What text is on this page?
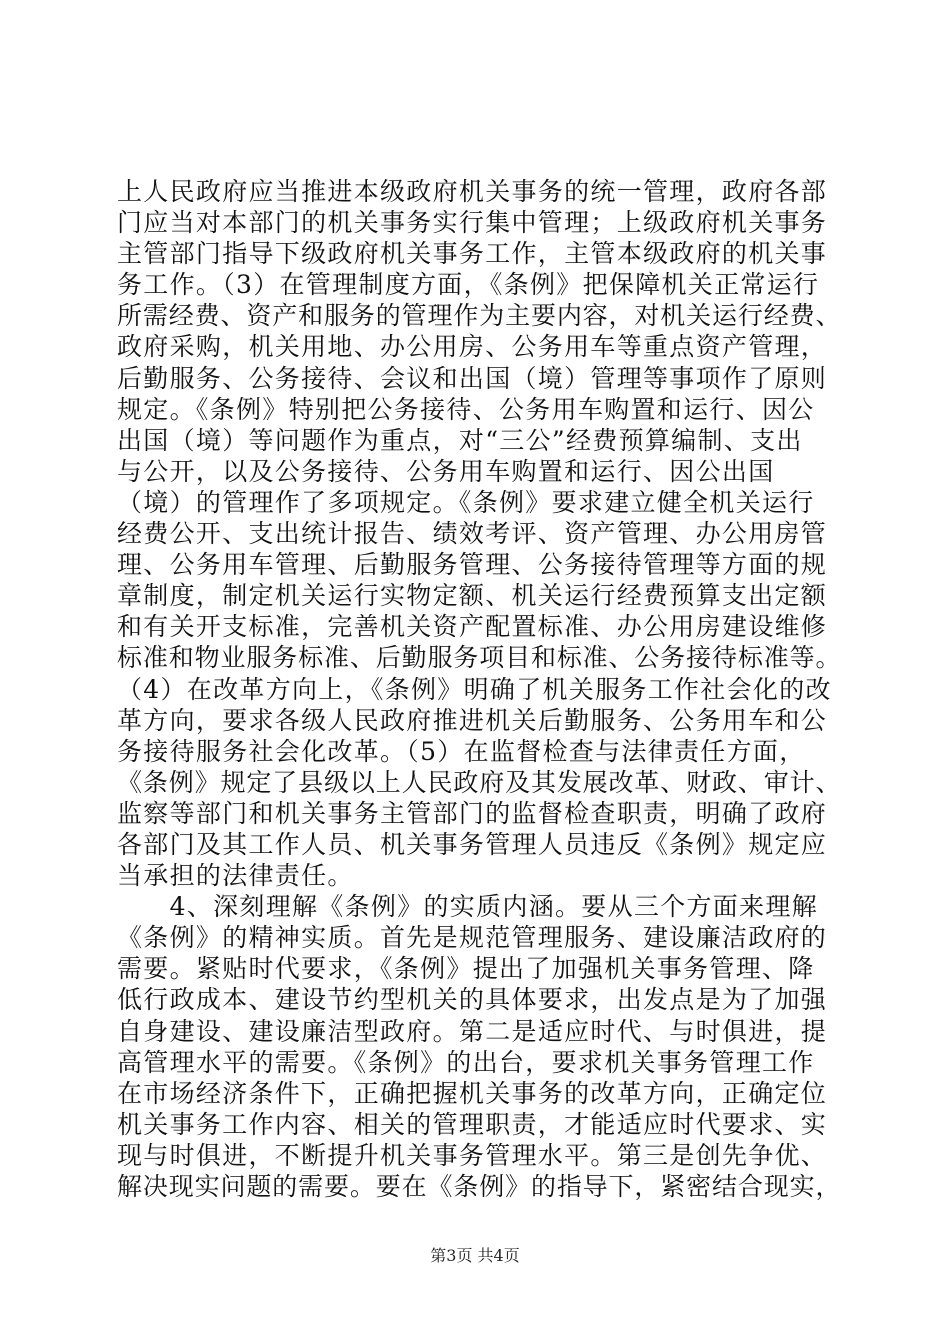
上人民政府应当推进本级政府机关事务的统一管理，政府各部
门应当对本部门的机关事务实行集中管理；上级政府机关事务
主管部门指导下级政府机关事务工作，主管本级政府的机关事
务工作。（3）在管理制度方面，《条例》把保障机关正常运行
所需经费、资产和服务的管理作为主要内容，对机关运行经费、
政府采购，机关用地、办公用房、公务用车等重点资产管理，
后勤服务、公务接待、会议和出国（境）管理等事项作了原则
规定。《条例》特别把公务接待、公务用车购置和运行、因公
出国（境）等问题作为重点，对“三公”经费预算编制、支出
与公开，以及公务接待、公务用车购置和运行、因公出国
（境）的管理作了多项规定。《条例》要求建立健全机关运行
经费公开、支出统计报告、绩效考评、资产管理、办公用房管
理、公务用车管理、后勤服务管理、公务接待管理等方面的规
章制度，制定机关运行实物定额、机关运行经费预算支出定额
和有关开支标准，完善机关资产配置标准、办公用房建设维修
标准和物业服务标准、后勤服务项目和标准、公务接待标准等。
（4）在改革方向上，《条例》明确了机关服务工作社会化的改
革方向，要求各级人民政府推进机关后勤服务、公务用车和公
务接待服务社会化改革。（5）在监督检查与法律责任方面，
《条例》规定了县级以上人民政府及其发展改革、财政、审计、
监察等部门和机关事务主管部门的监督检查职责，明确了政府
各部门及其工作人员、机关事务管理人员违反《条例》规定应
当承担的法律责任。
　　4、深刻理解《条例》的实质内涵。要从三个方面来理解
《条例》的精神实质。首先是规范管理服务、建设廉洁政府的
需要。紧贴时代要求，《条例》提出了加强机关事务管理、降
低行政成本、建设节约型机关的具体要求，出发点是为了加强
自身建设、建设廉洁型政府。第二是适应时代、与时俱进，提
高管理水平的需要。《条例》的出台，要求机关事务管理工作
在市场经济条件下，正确把握机关事务的改革方向，正确定位
机关事务工作内容、相关的管理职责，才能适应时代要求、实
现与时俱进，不断提升机关事务管理水平。第三是创先争优、
解决现实问题的需要。要在《条例》的指导下，紧密结合现实，
第3页 共4页
